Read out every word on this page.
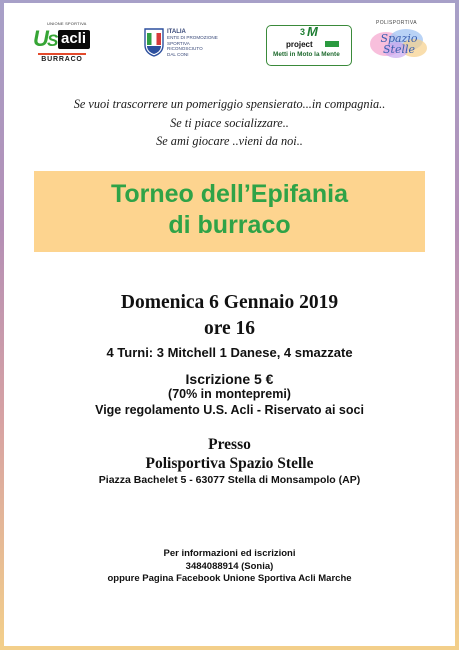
UNIONE SPORTIVA
U
S acli
BURRACO
ITALIA
ENTE DI PROMOZIONE
SPORTIVA
RICONOSCIUTO
DAL CONI
3 M
project
Metti in Moto la Mente
POLISPORTIVA
Spazio Stelle
Se vuoi trascorrere un pomeriggio spensierato...in compagnia..
Se ti piace socializzare..
Se ami giocare ..vieni da noi..
Torneo dell’Epifania
di burraco
Domenica 6 Gennaio 2019
ore 16
4 Turni: 3 Mitchell 1 Danese, 4 smazzate
Iscrizione 5 €
(70% in montepremi)
Vige regolamento U.S. Acli - Riservato ai soci
Presso
Polisportiva Spazio Stelle
Piazza Bachelet 5 - 63077 Stella di Monsampolo (AP)
Per informazioni ed iscrizioni
3484088914 (Sonia)
oppure Pagina Facebook Unione Sportiva Acli Marche
